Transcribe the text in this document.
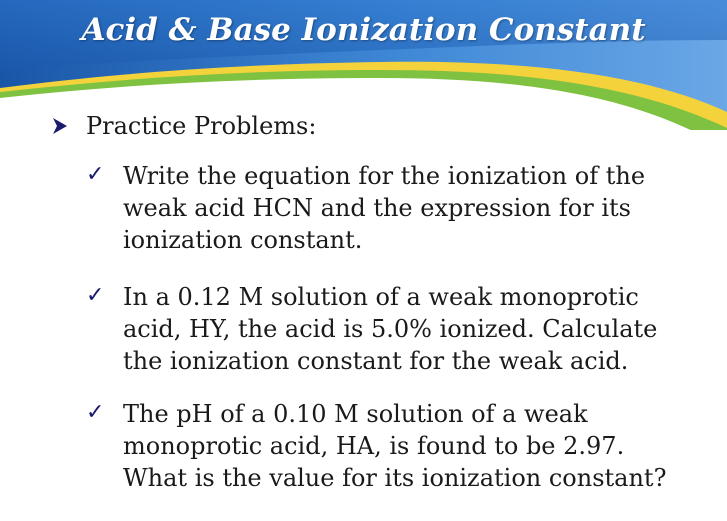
Acid & Base Ionization Constant
Practice Problems:
✓ Write the equation for the ionization of the
weak acid HCN and the expression for its
ionization constant.
✓ In a 0.12 M solution of a weak monoprotic
acid, HY, the acid is 5.0% ionized. Calculate
the ionization constant for the weak acid.
✓ The pH of a 0.10 M solution of a weak
monoprotic acid, HA, is found to be 2.97.
What is the value for its ionization constant?
